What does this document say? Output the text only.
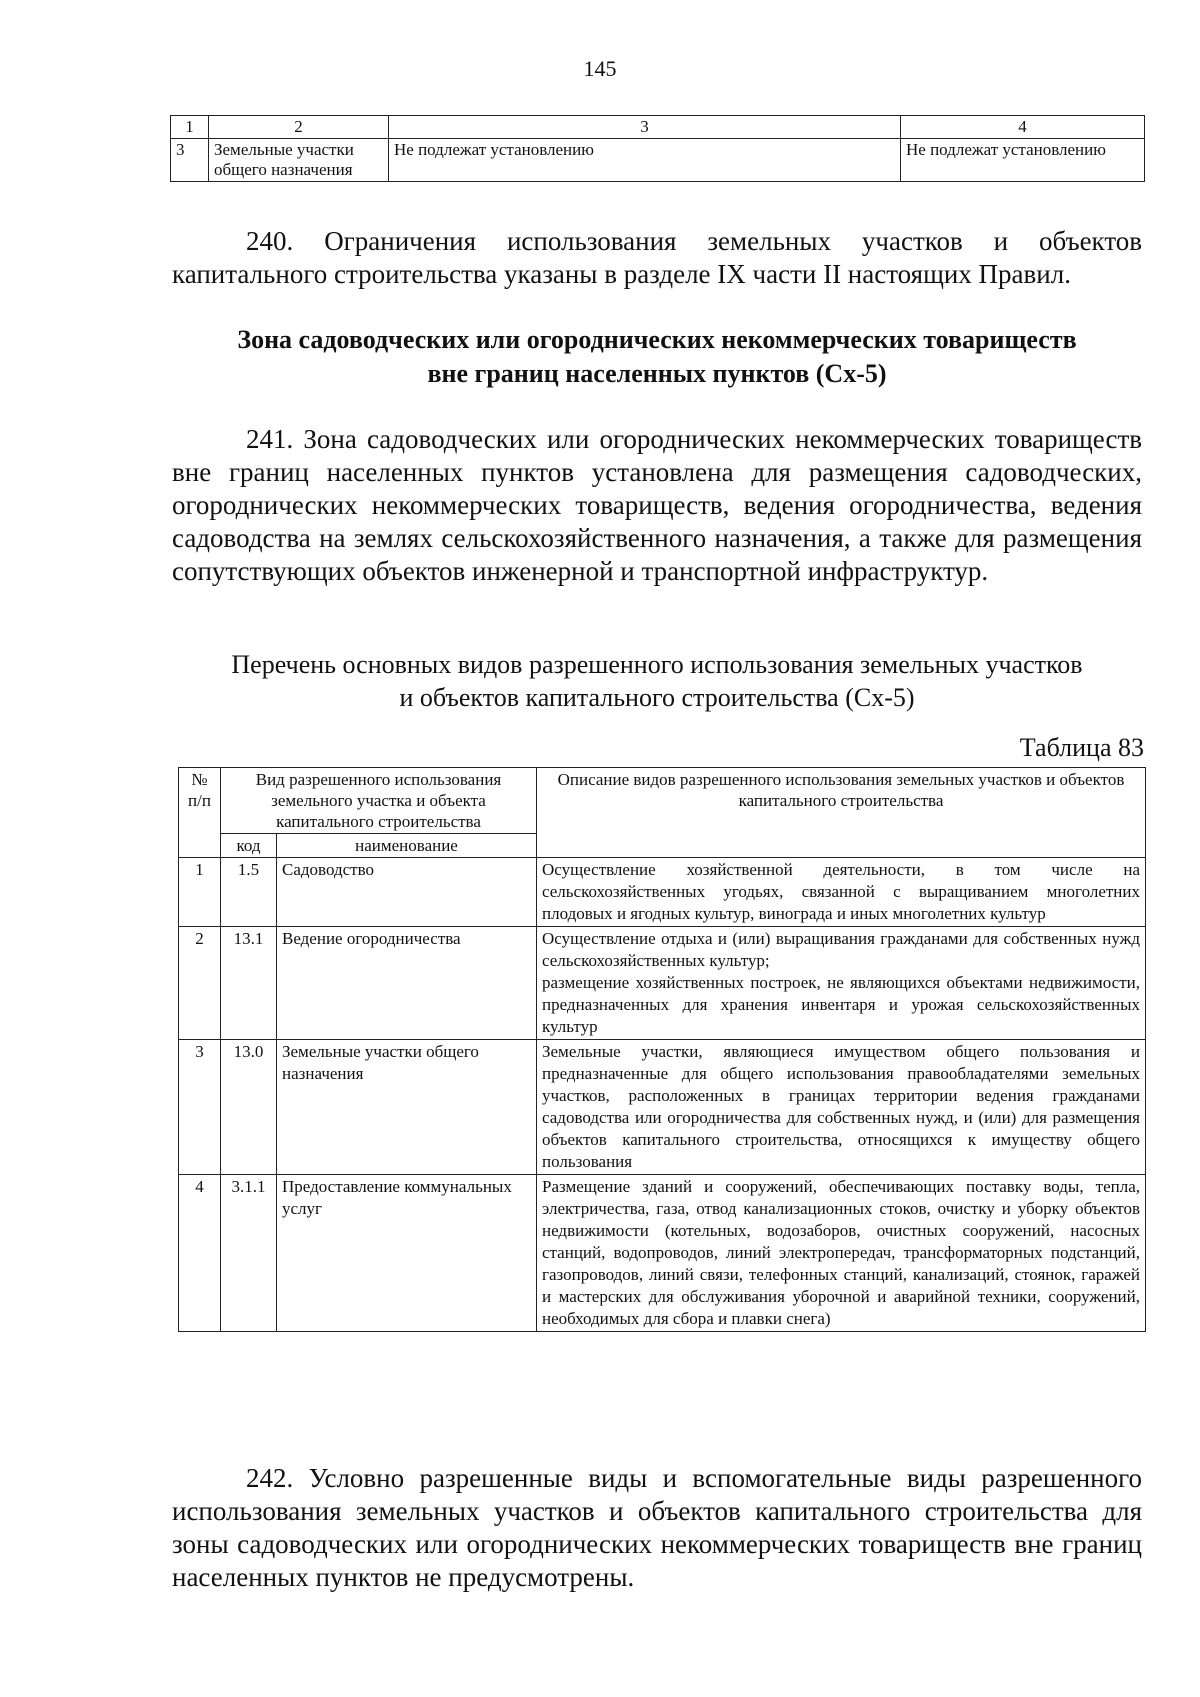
145
1	2	3	4
3	Земельные участки общего назначения	Не подлежат установлению	Не подлежат установлению

240. Ограничения использования земельных участков и объектов капитального строительства указаны в разделе IX части II настоящих Правил.

Зона садоводческих или огороднических некоммерческих товариществ
вне границ населенных пунктов (Сх-5)

241. Зона садоводческих или огороднических некоммерческих товариществ вне границ населенных пунктов установлена для размещения садоводческих, огороднических некоммерческих товариществ, ведения огородничества, ведения садоводства на землях сельскохозяйственного назначения, а также для размещения сопутствующих объектов инженерной и транспортной инфраструктур.

Перечень основных видов разрешенного использования земельных участков
и объектов капитального строительства (Сх-5)
Таблица 83
№ п/п	Вид разрешенного использования земельного участка и объекта капитального строительства		Описание видов разрешенного использования земельных участков и объектов капитального строительства
	код	наименование	
1	1.5	Садоводство	Осуществление хозяйственной деятельности, в том числе на сельскохозяйственных угодьях, связанной с выращиванием многолетних плодовых и ягодных культур, винограда и иных многолетних культур
2	13.1	Ведение огородничества	Осуществление отдыха и (или) выращивания гражданами для собственных нужд сельскохозяйственных культур;
размещение хозяйственных построек, не являющихся объектами недвижимости, предназначенных для хранения инвентаря и урожая сельскохозяйственных культур

3	13.0	Земельные участки общего назначения	Земельные участки, являющиеся имуществом общего пользования и предназначенные для общего использования правообладателями земельных участков, расположенных в границах территории ведения гражданами садоводства или огородничества для собственных нужд, и (или) для размещения объектов капитального строительства, относящихся к имуществу общего пользования
4	3.1.1	Предоставление коммунальных услуг	Размещение зданий и сооружений, обеспечивающих поставку воды, тепла, электричества, газа, отвод канализационных стоков, очистку и уборку объектов недвижимости (котельных, водозаборов, очистных сооружений, насосных станций, водопроводов, линий электропередач, трансформаторных подстанций, газопроводов, линий связи, телефонных станций, канализаций, стоянок, гаражей и мастерских для обслуживания уборочной и аварийной техники, сооружений, необходимых для сбора и плавки снега)

242. Условно разрешенные виды и вспомогательные виды разрешенного использования земельных участков и объектов капитального строительства для зоны садоводческих или огороднических некоммерческих товариществ вне границ населенных пунктов не предусмотрены.
